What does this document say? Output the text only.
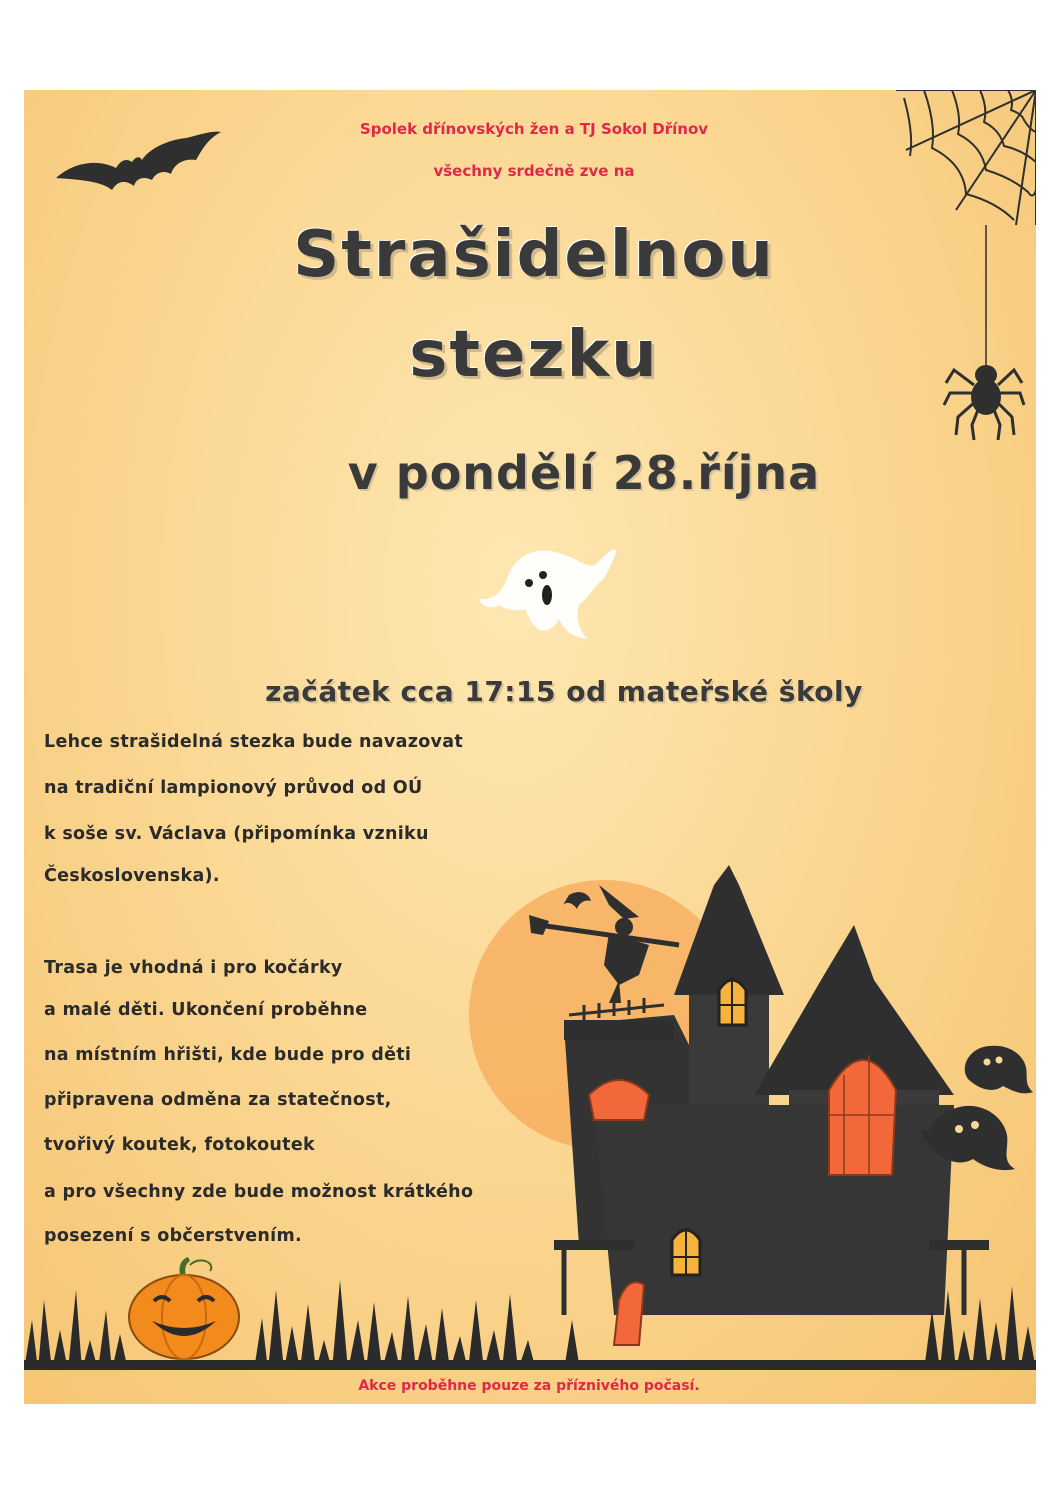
Spolek dřínovských žen a TJ Sokol Dřínov
všechny srdečně zve na
Strašidelnou
stezku
v pondělí 28.října
začátek cca 17:15 od mateřské školy
Lehce strašidelná stezka bude navazovat
na tradiční lampionový průvod od OÚ
k soše sv. Václava (připomínka vzniku
Československa).
Trasa je vhodná i pro kočárky
a malé děti. Ukončení proběhne
na místním hřišti, kde bude pro děti
připravena odměna za statečnost,
tvořivý koutek, fotokoutek
a pro všechny zde bude možnost krátkého
posezení s občerstvením.
Akce proběhne pouze za příznivého počasí.
